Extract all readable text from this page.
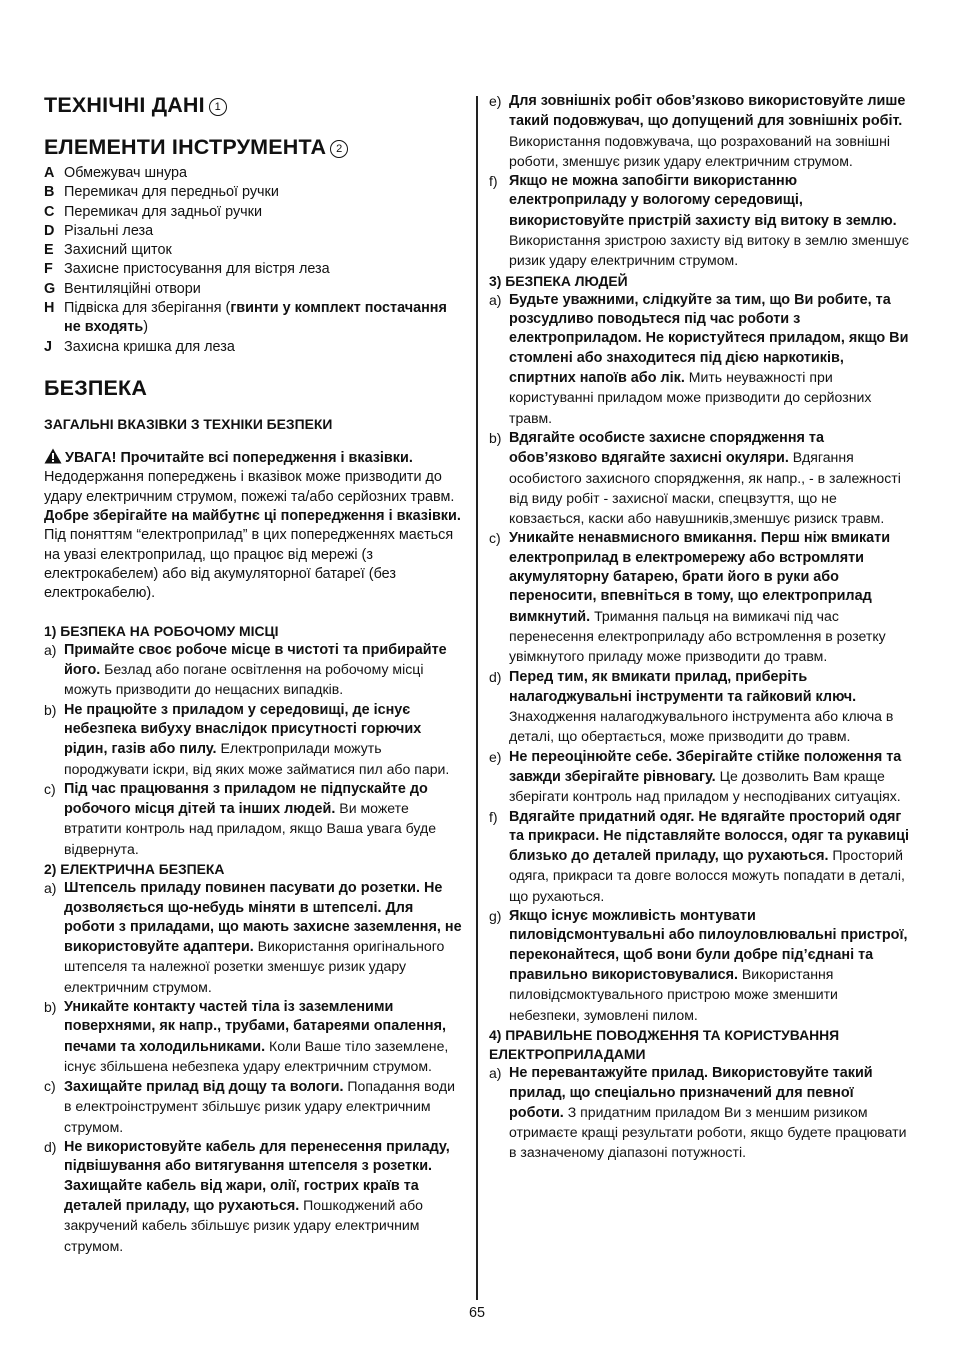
ТЕХНІЧНІ ДАНІ 1
ЕЛЕМЕНТИ ІНСТРУМЕНТА 2
A Обмежувач шнура
B Перемикач для передньої ручки
C Перемикач для задньої ручки
D Різальні леза
E Захисний щиток
F Захисне пристосування для вістря леза
G Вентиляційні отвори
H Підвіска для зберігання (гвинти у комплект постачання не входять)
J Захисна кришка для леза
БЕЗПЕКА
ЗАГАЛЬНІ ВКАЗІВКИ З ТЕХНІКИ БЕЗПЕКИ
УВАГА! Прочитайте всі попередження і вказівки. Недодержання попереджень і вказівок може призводити до удару електричним струмом, пожежі та/або серйозних травм. Добре зберігайте на майбутнє ці попередження і вказівки. Під поняттям “електроприлад” в цих попередженнях мається на увазі електроприлад, що працює від мережі (з електрокабелем) або від акумуляторної батареї (без електрокабелю).
1) БЕЗПЕКА НА РОБОЧОМУ МІСЦІ
a) Примайте своє робоче місце в чистоті та прибирайте його. Безлад або погане освітлення на робочому місці можуть призводити до нещасних випадків.
b) Не працюйте з приладом у середовищі, де існує небезпека вибуху внаслідок присутності горючих рідин, газів або пилу. Електроприлади можуть породжувати іскри, від яких може займатися пил або пари.
c) Під час працювання з приладом не підпускайте до робочого місця дітей та інших людей. Ви можете втратити контроль над приладом, якщо Ваша увага буде відвернута.
2) ЕЛЕКТРИЧНА БЕЗПЕКА
a) Штепсель приладу повинен пасувати до розетки. Не дозволяється що-небудь міняти в штепселі. Для роботи з приладами, що мають захисне заземлення, не використовуйте адаптери. Використання оригінального штепселя та належної розетки зменшує ризик удару електричним струмом.
b) Уникайте контакту частей тіла із заземленими поверхнями, як напр., трубами, батареями опалення, печами та холодильниками. Коли Ваше тіло заземлене, існує збільшена небезпека удару електричним струмом.
c) Захищайте прилад від дощу та вологи. Попадання води в електроінструмент збільшує ризик удару електричним струмом.
d) Не використовуйте кабель для перенесення приладу, підвішування або витягування штепселя з розетки. Захищайте кабель від жари, олії, гострих країв та деталей приладу, що рухаються. Пошкоджений або закручений кабель збільшує ризик удару електричним струмом.
e) Для зовнішніх робіт обов’язково використовуйте лише такий подовжувач, що допущений для зовнішніх робіт. Використання подовжувача, що розрахований на зовнішні роботи, зменшує ризик удару електричним струмом.
f) Якщо не можна запобігти використанню електроприладу у вологому середовищі, використовуйте пристрій захисту від витоку в землю. Використання зристрою захисту від витоку в землю зменшує ризик удару електричним струмом.
3) БЕЗПЕКА ЛЮДЕЙ
a) Будьте уважними, слідкуйте за тим, що Ви робите, та розсудливо поводьтеся під час роботи з електроприладом. Не користуйтеся приладом, якщо Ви стомлені або знаходитеся під дією наркотиків, спиртних напоїв або лік. Мить неуважності при користуванні приладом може призводити до серйозних травм.
b) Вдягайте особисте захисне спорядження та обов’язково вдягайте захисні окуляри. Вдягання особистого захисного спорядження, як напр., - в залежності від виду робіт - захисної маски, спецвзуття, що не ковзається, каски або навушників,зменшує ризиск травм.
c) Уникайте ненавмисного вмикання. Перш ніж вмикати електроприлад в електромережу або встромляти акумуляторну батарею, брати його в руки або переносити, впевніться в тому, що електроприлад вимкнутий. Тримання пальця на вимикачі під час перенесення електроприладу або встромлення в розетку увімкнутого приладу може призводити до травм.
d) Перед тим, як вмикати прилад, приберіть налагоджувальні інструменти та гайковий ключ. Знаходження налагоджувального інструмента або ключа в деталі, що обертається, може призводити до травм.
e) Не переоцінюйте себе. Зберігайте стійке положення та завжди зберігайте рівновагу. Це дозволить Вам краще зберігати контроль над приладом у несподіваних ситуаціях.
f) Вдягайте придатний одяг. Не вдягайте просторий одяг та прикраси. Не підставляйте волосся, одяг та рукавиці близько до деталей приладу, що рухаються. Просторий одяга, прикраси та довге волосся можуть попадати в деталі, що рухаються.
g) Якщо існує можливість монтувати пиловідсмонтувальні або пилоуловлювальні пристрої, переконайтеся, щоб вони були добре під’єднані та правильно використовувалися. Використання пиловідсмоктувального пристрою може зменшити небезпеки, зумовлені пилом.
4) ПРАВИЛЬНЕ ПОВОДЖЕННЯ ТА КОРИСТУВАННЯ ЕЛЕКТРОПРИЛАДАМИ
a) Не перевантажуйте прилад. Використовуйте такий прилад, що спеціально призначений для певної роботи. З придатним приладом Ви з меншим ризиком отримаєте кращі результати роботи, якщо будете працювати в зазначеному діапазоні потужності.
65
